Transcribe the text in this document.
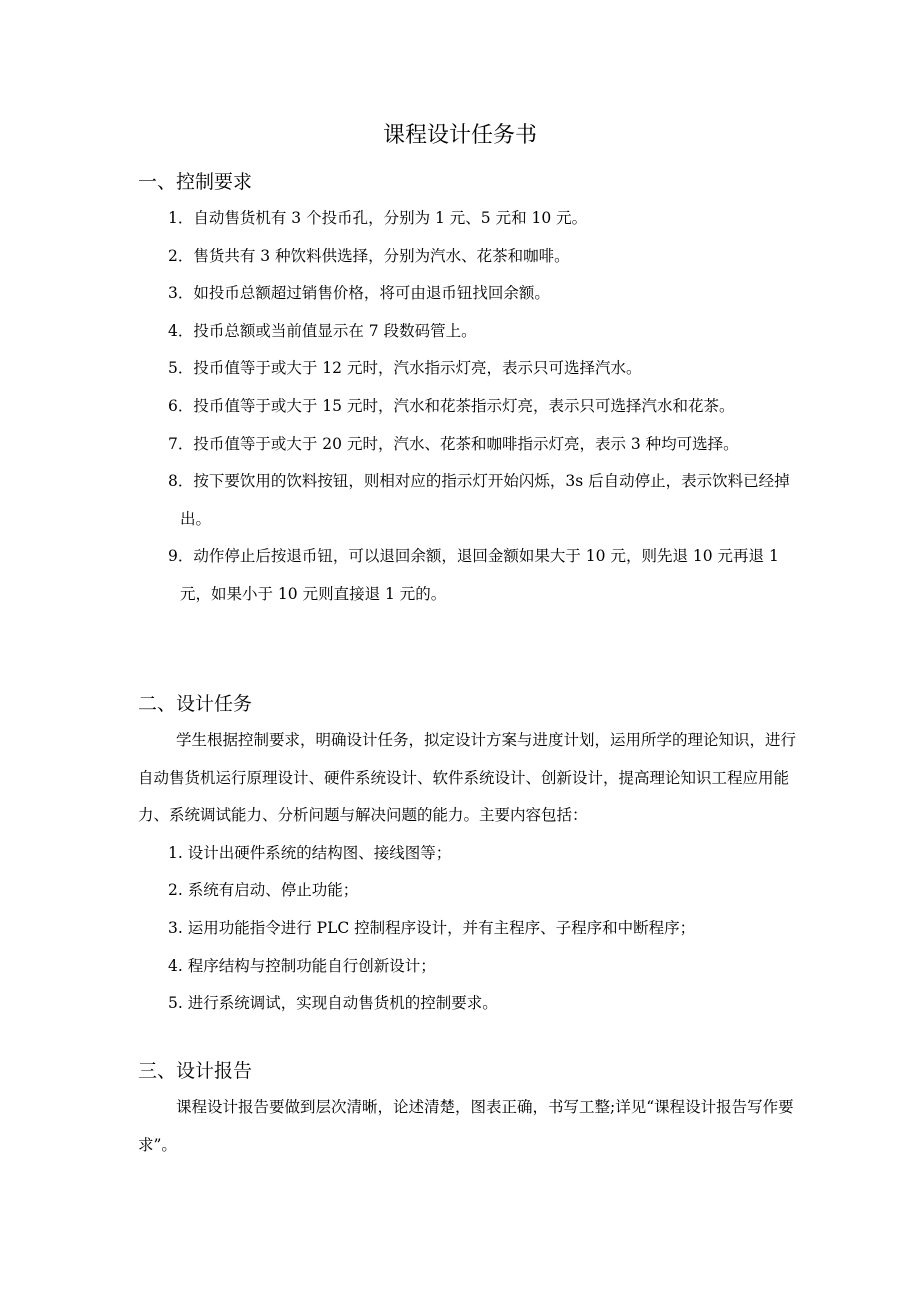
课程设计任务书
一、控制要求
1．自动售货机有 3 个投币孔，分别为 1 元、5 元和 10 元。
2．售货共有 3 种饮料供选择，分别为汽水、花茶和咖啡。
3．如投币总额超过销售价格，将可由退币钮找回余额。
4．投币总额或当前值显示在 7 段数码管上。
5．投币值等于或大于 12 元时，汽水指示灯亮，表示只可选择汽水。
6．投币值等于或大于 15 元时，汽水和花茶指示灯亮，表示只可选择汽水和花茶。
7．投币值等于或大于 20 元时，汽水、花茶和咖啡指示灯亮，表示 3 种均可选择。
8．按下要饮用的饮料按钮，则相对应的指示灯开始闪烁，3s 后自动停止，表示饮料已经掉出。
9．动作停止后按退币钮，可以退回余额，退回金额如果大于 10 元，则先退 10 元再退 1 元，如果小于 10 元则直接退 1 元的。
二、设计任务

学生根据控制要求，明确设计任务，拟定设计方案与进度计划，运用所学的理论知识，进行自动售货机运行原理设计、硬件系统设计、软件系统设计、创新设计，提高理论知识工程应用能力、系统调试能力、分析问题与解决问题的能力。主要内容包括：

1. 设计出硬件系统的结构图、接线图等；
2. 系统有启动、停止功能；
3. 运用功能指令进行 PLC 控制程序设计，并有主程序、子程序和中断程序；
4. 程序结构与控制功能自行创新设计；
5. 进行系统调试，实现自动售货机的控制要求。
三、设计报告

课程设计报告要做到层次清晰，论述清楚，图表正确，书写工整;详见“课程设计报告写作要求”。
